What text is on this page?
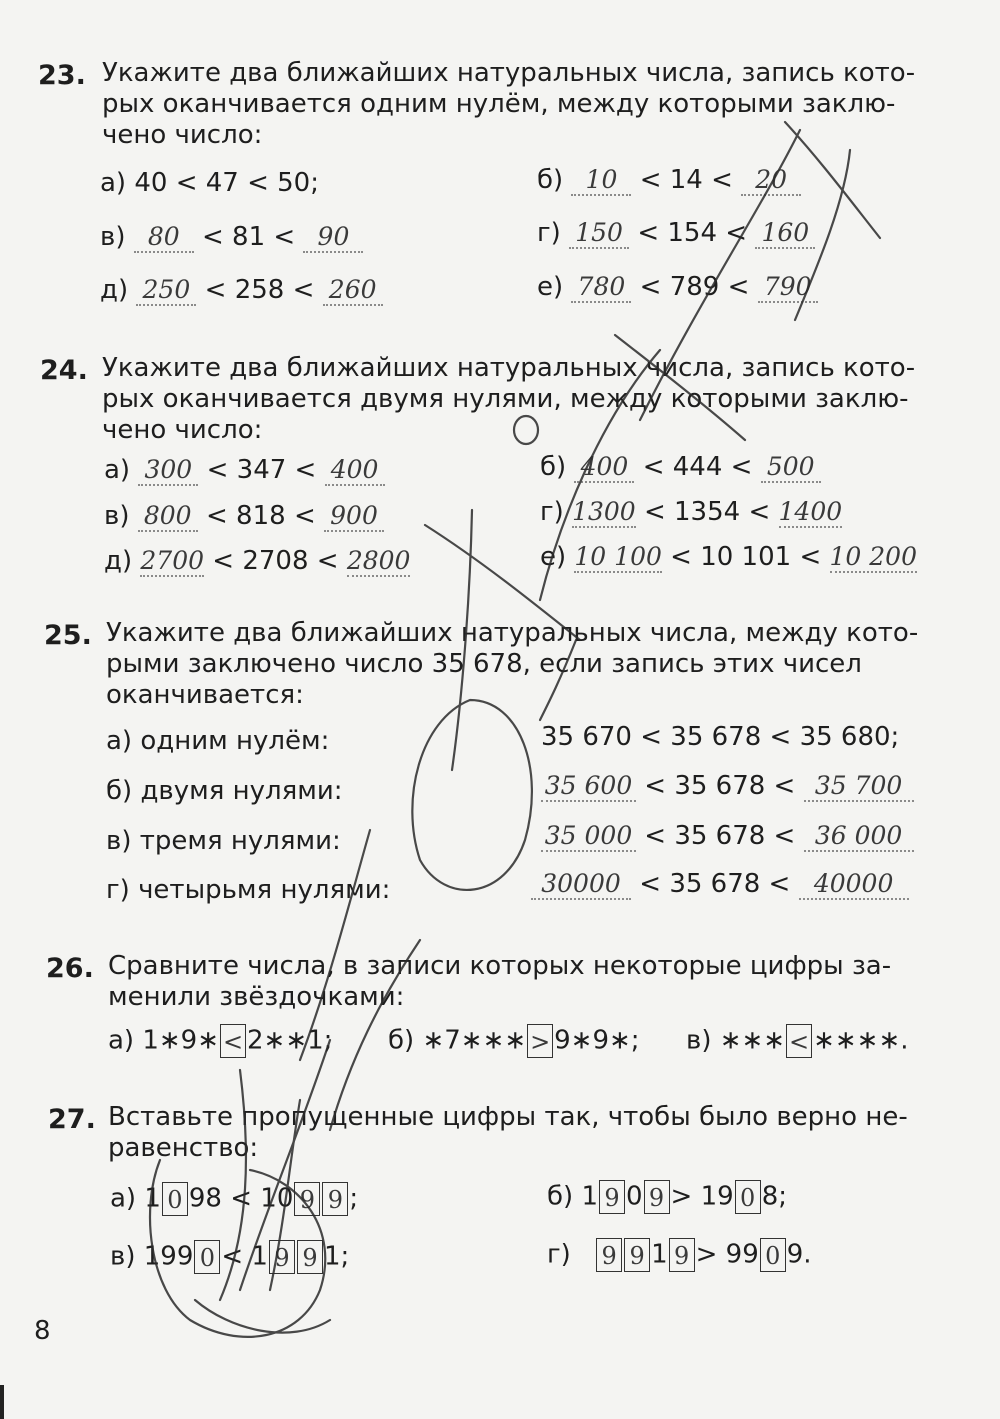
23. Укажите два ближайших натуральных числа, запись кото-
рых оканчивается одним нулём, между которыми заклю-
чено число:
а) 40 < 47 < 50;	б) 10 < 14 < 20
в) 80 < 81 < 90	г) 150 < 154 < 160
д) 250 < 258 < 260	е) 780 < 789 < 790
24. Укажите два ближайших натуральных числа, запись кото-
рых оканчивается двумя нулями, между которыми заклю-
чено число:
а) 300 < 347 < 400	б) 400 < 444 < 500
в) 800 < 818 < 900	г) 1300 < 1354 < 1400
д) 2700 < 2708 < 2800	е) 10 100 < 10 101 < 10 200
25. Укажите два ближайших натуральных числа, между кото-
рыми заключено число 35 678, если запись этих чисел
оканчивается:
а) одним нулём:	35 670 < 35 678 < 35 680;
б) двумя нулями:	35 600 < 35 678 < 35 700
в) тремя нулями:	35 000 < 35 678 < 36 000
г) четырьмя нулями:	30000 < 35 678 < 40000
26. Сравните числа, в записи которых некоторые цифры за-
менили звёздочками:
а) 1∗9∗ < 2∗∗1; б) ∗7∗∗∗ > 9∗9∗; в) ∗∗∗ < ∗∗∗∗.
27. Вставьте пропущенные цифры так, чтобы было верно не-
равенство:
а) 1 0 98 < 10 9 9 ;	б) 1 9 0 9 > 19 0 8;
в) 199 0 < 1 9 9 1;	г) 9 9 1 9 > 99 0 9.
8
